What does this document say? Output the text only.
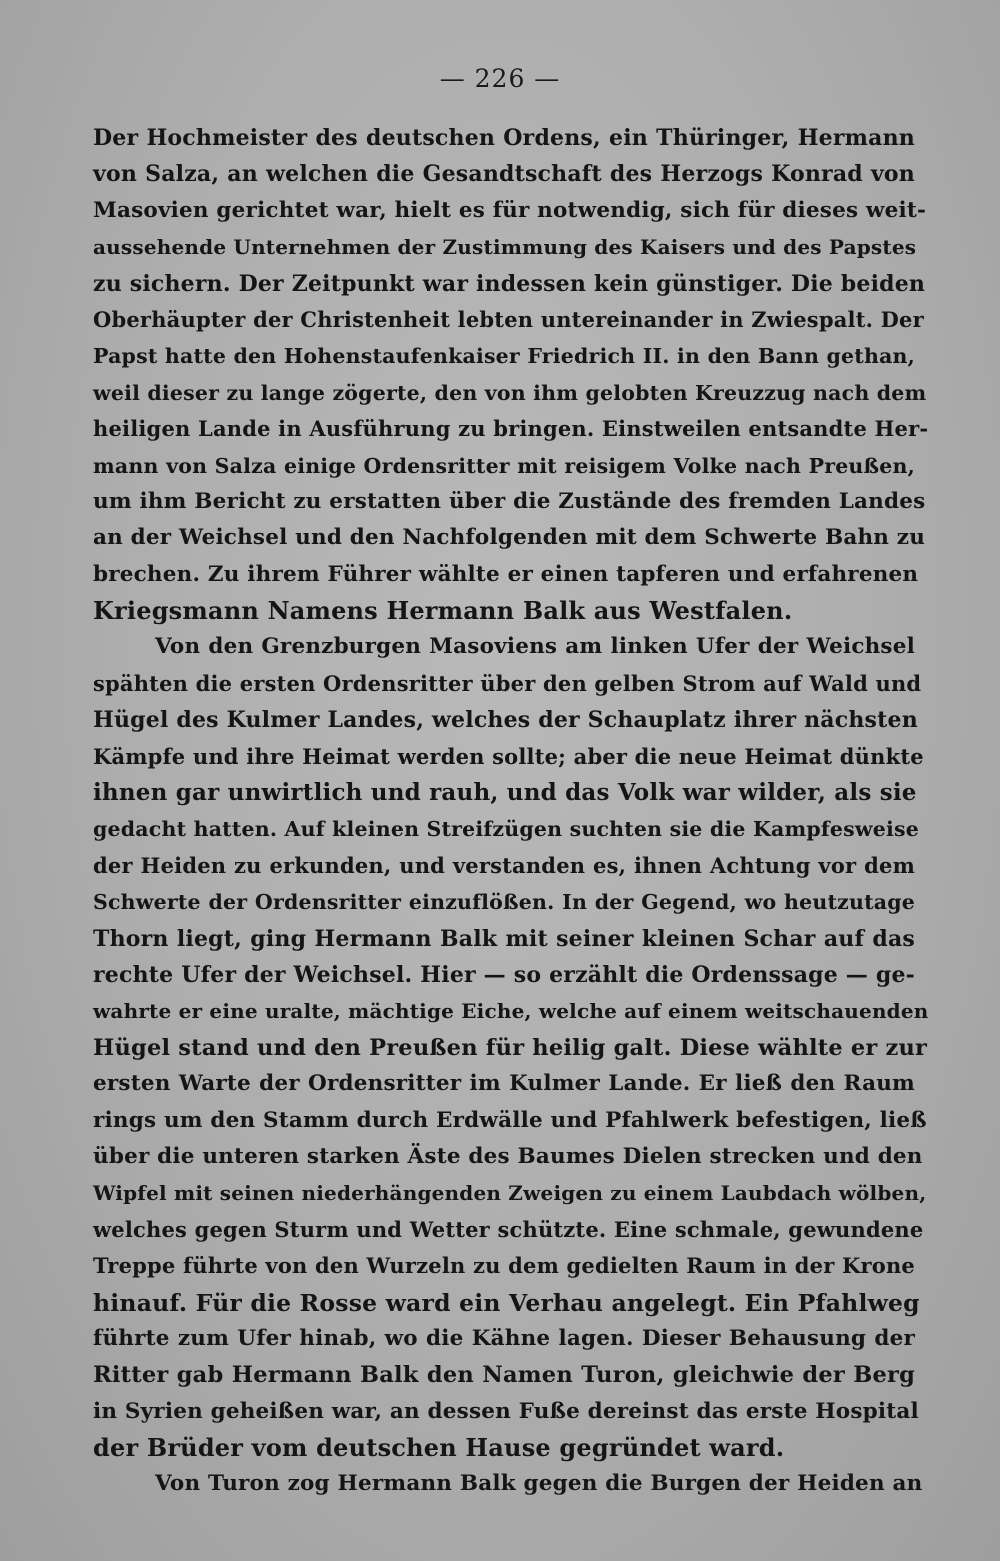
— 226 —
Der Hochmeister des deutschen Ordens, ein Thüringer, Hermann
von Salza, an welchen die Gesandtschaft des Herzogs Konrad von
Masovien gerichtet war, hielt es für notwendig, sich für dieses weit-
aussehende Unternehmen der Zustimmung des Kaisers und des Papstes
zu sichern. Der Zeitpunkt war indessen kein günstiger. Die beiden
Oberhäupter der Christenheit lebten untereinander in Zwiespalt. Der
Papst hatte den Hohenstaufenkaiser Friedrich II. in den Bann gethan,
weil dieser zu lange zögerte, den von ihm gelobten Kreuzzug nach dem
heiligen Lande in Ausführung zu bringen. Einstweilen entsandte Her-
mann von Salza einige Ordensritter mit reisigem Volke nach Preußen,
um ihm Bericht zu erstatten über die Zustände des fremden Landes
an der Weichsel und den Nachfolgenden mit dem Schwerte Bahn zu
brechen. Zu ihrem Führer wählte er einen tapferen und erfahrenen
Kriegsmann Namens Hermann Balk aus Westfalen.
Von den Grenzburgen Masoviens am linken Ufer der Weichsel
spähten die ersten Ordensritter über den gelben Strom auf Wald und
Hügel des Kulmer Landes, welches der Schauplatz ihrer nächsten
Kämpfe und ihre Heimat werden sollte; aber die neue Heimat dünkte
ihnen gar unwirtlich und rauh, und das Volk war wilder, als sie
gedacht hatten. Auf kleinen Streifzügen suchten sie die Kampfesweise
der Heiden zu erkunden, und verstanden es, ihnen Achtung vor dem
Schwerte der Ordensritter einzuflößen. In der Gegend, wo heutzutage
Thorn liegt, ging Hermann Balk mit seiner kleinen Schar auf das
rechte Ufer der Weichsel. Hier — so erzählt die Ordenssage — ge-
wahrte er eine uralte, mächtige Eiche, welche auf einem weitschauenden
Hügel stand und den Preußen für heilig galt. Diese wählte er zur
ersten Warte der Ordensritter im Kulmer Lande. Er ließ den Raum
rings um den Stamm durch Erdwälle und Pfahlwerk befestigen, ließ
über die unteren starken Äste des Baumes Dielen strecken und den
Wipfel mit seinen niederhängenden Zweigen zu einem Laubdach wölben,
welches gegen Sturm und Wetter schützte. Eine schmale, gewundene
Treppe führte von den Wurzeln zu dem gedielten Raum in der Krone
hinauf. Für die Rosse ward ein Verhau angelegt. Ein Pfahlweg
führte zum Ufer hinab, wo die Kähne lagen. Dieser Behausung der
Ritter gab Hermann Balk den Namen Turon, gleichwie der Berg
in Syrien geheißen war, an dessen Fuße dereinst das erste Hospital
der Brüder vom deutschen Hause gegründet ward.
Von Turon zog Hermann Balk gegen die Burgen der Heiden an
